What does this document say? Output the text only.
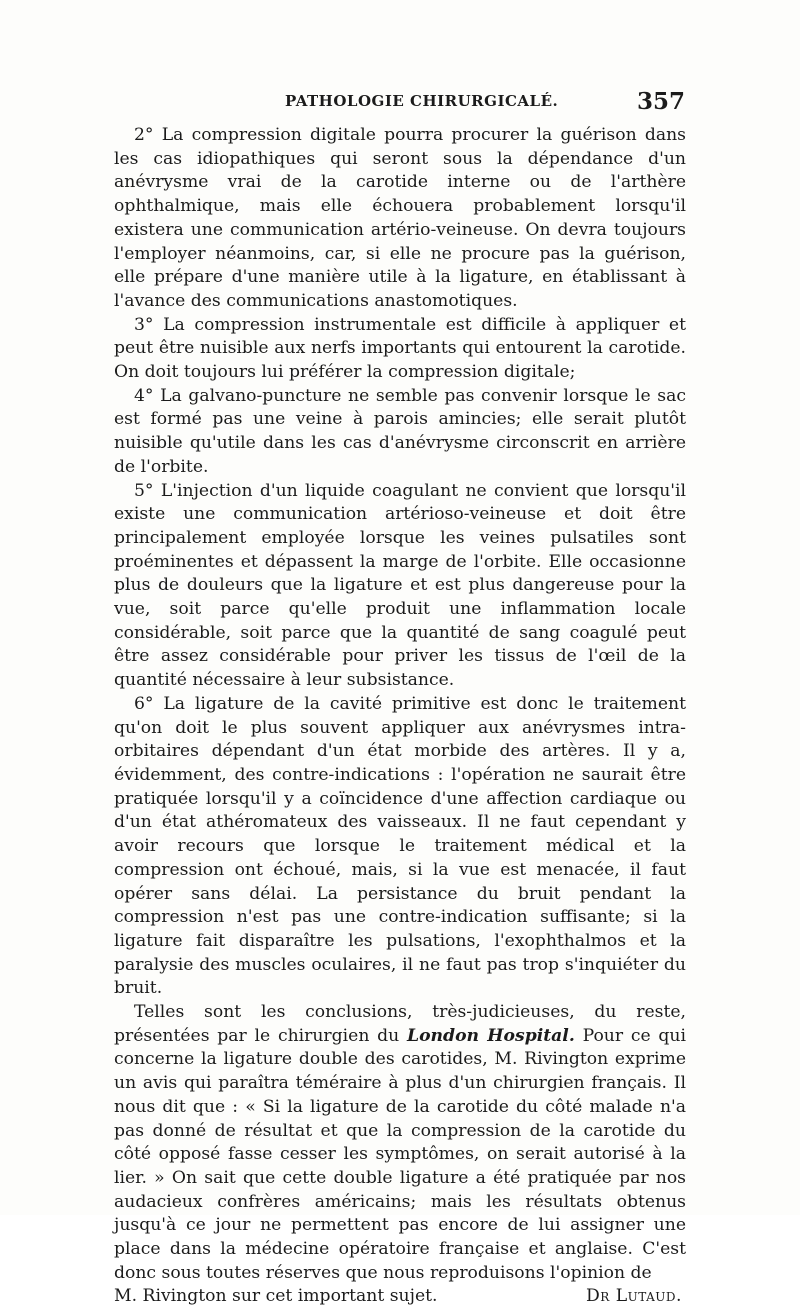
PATHOLOGIE CHIRURGICALÉ.	357

2° La compression digitale pourra procurer la guérison dans les cas idiopathiques qui seront sous la dépendance d'un anévrysme vrai de la carotide interne ou de l'arthère ophthalmique, mais elle échouera probablement lorsqu'il existera une communication artério-veineuse. On devra toujours l'employer néanmoins, car, si elle ne procure pas la guérison, elle prépare d'une manière utile à la ligature, en établissant à l'avance des communications anastomotiques.

3° La compression instrumentale est difficile à appliquer et peut être nuisible aux nerfs importants qui entourent la carotide. On doit toujours lui préférer la compression digitale;

4° La galvano-puncture ne semble pas convenir lorsque le sac est formé pas une veine à parois amincies; elle serait plutôt nuisible qu'utile dans les cas d'anévrysme circonscrit en arrière de l'orbite.

5° L'injection d'un liquide coagulant ne convient que lorsqu'il existe une communication artérioso-veineuse et doit être principalement employée lorsque les veines pulsatiles sont proéminentes et dépassent la marge de l'orbite. Elle occasionne plus de douleurs que la ligature et est plus dangereuse pour la vue, soit parce qu'elle produit une inflammation locale considérable, soit parce que la quantité de sang coagulé peut être assez considérable pour priver les tissus de l'œil de la quantité nécessaire à leur subsistance.

6° La ligature de la cavité primitive est donc le traitement qu'on doit le plus souvent appliquer aux anévrysmes intra-orbitaires dépendant d'un état morbide des artères. Il y a, évidemment, des contre-indications : l'opération ne saurait être pratiquée lorsqu'il y a coïncidence d'une affection cardiaque ou d'un état athéromateux des vaisseaux. Il ne faut cependant y avoir recours que lorsque le traitement médical et la compression ont échoué, mais, si la vue est menacée, il faut opérer sans délai. La persistance du bruit pendant la compression n'est pas une contre-indication suffisante; si la ligature fait disparaître les pulsations, l'exophthalmos et la paralysie des muscles oculaires, il ne faut pas trop s'inquiéter du bruit.

Telles sont les conclusions, très-judicieuses, du reste, présentées par le chirurgien du London Hospital. Pour ce qui concerne la ligature double des carotides, M. Rivington exprime un avis qui paraîtra téméraire à plus d'un chirurgien français. Il nous dit que : « Si la ligature de la carotide du côté malade n'a pas donné de résultat et que la compression de la carotide du côté opposé fasse cesser les symptômes, on serait autorisé à la lier. » On sait que cette double ligature a été pratiquée par nos audacieux confrères américains; mais les résultats obtenus jusqu'à ce jour ne permettent pas encore de lui assigner une place dans la médecine opératoire française et anglaise. C'est donc sous toutes réserves que nous reproduisons l'opinion de

M. Rivington sur cet important sujet.	Dr Lutaud.
